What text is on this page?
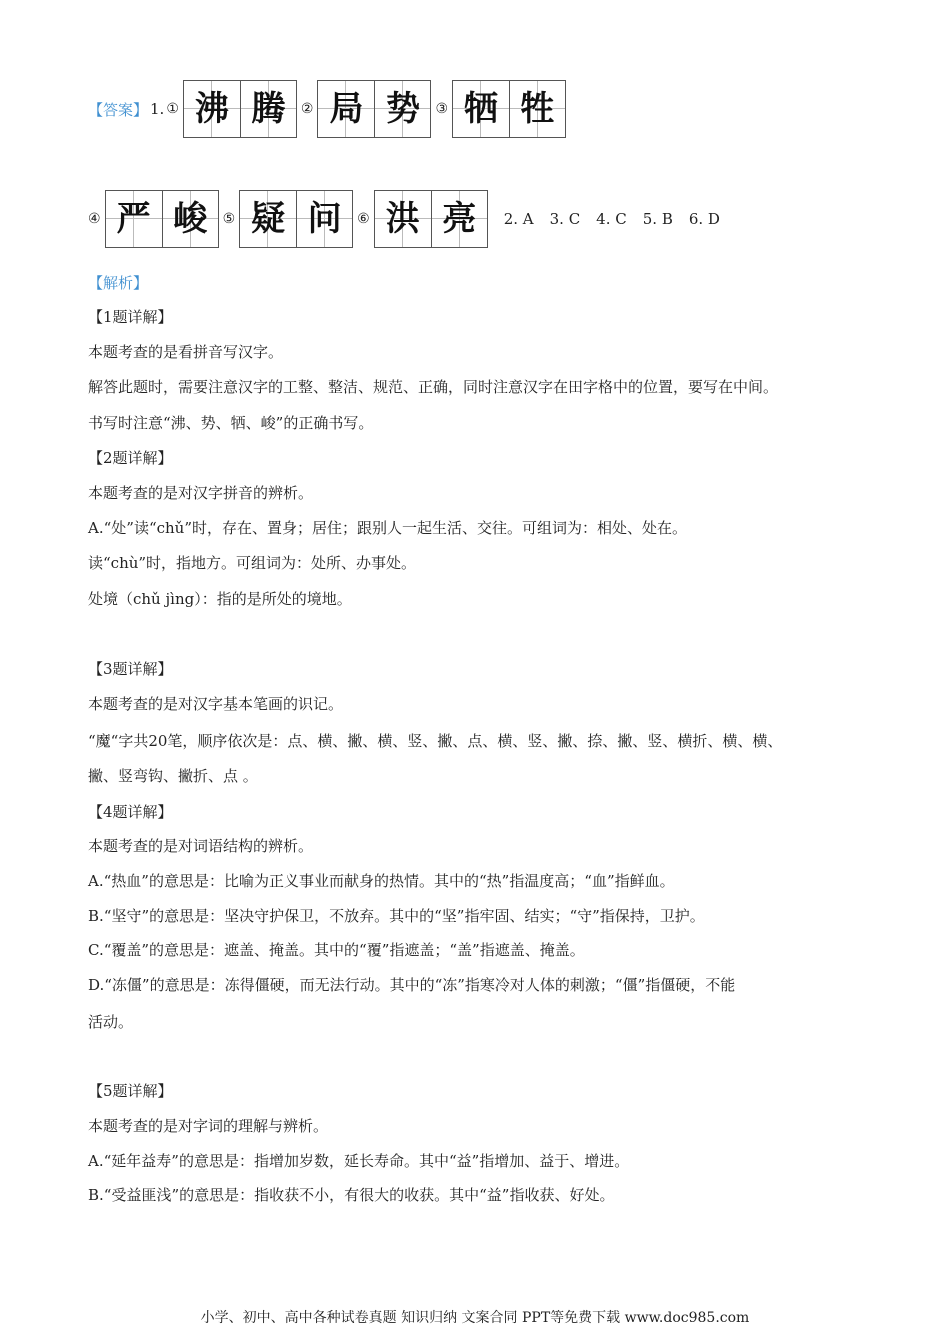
【答案】 1. ① 沸 腾	② 局 势	③ 牺 牲
④ 严 峻	⑤ 疑 问	⑥ 洪 亮	2. A 3. C 4. C 5. B 6. D
【解析】
【1题详解】
本题考查的是看拼音写汉字。
解答此题时，需要注意汉字的工整、整洁、规范、正确，同时注意汉字在田字格中的位置，要写在中间。
书写时注意“沸、势、牺、峻”的正确书写。
【2题详解】
本题考查的是对汉字拼音的辨析。
A.“处”读“chǔ”时，存在、置身；居住；跟别人一起生活、交往。可组词为：相处、处在。
读“chù”时，指地方。可组词为：处所、办事处。
处境（chǔ jìng）：指的是所处的境地。
【3题详解】
本题考查的是对汉字基本笔画的识记。
“魔“字共20笔，顺序依次是：点、横、撇、横、竖、撇、点、横、竖、撇、捺、撇、竖、横折、横、横、
撇、竖弯钩、撇折、点 。
【4题详解】
本题考查的是对词语结构的辨析。
A.“热血”的意思是：比喻为正义事业而献身的热情。其中的“热”指温度高；“血”指鲜血。
B.“坚守”的意思是：坚决守护保卫，不放弃。其中的“坚”指牢固、结实；“守”指保持，卫护。
C.“覆盖”的意思是：遮盖、掩盖。其中的“覆”指遮盖；“盖”指遮盖、掩盖。
D.“冻僵”的意思是：冻得僵硬，而无法行动。其中的“冻”指寒冷对人体的刺激；“僵”指僵硬，不能
活动。
【5题详解】
本题考查的是对字词的理解与辨析。
A.“延年益寿”的意思是：指增加岁数，延长寿命。其中“益”指增加、益于、增进。
B.“受益匪浅”的意思是：指收获不小，有很大的收获。其中“益”指收获、好处。
小学、初中、高中各种试卷真题 知识归纳 文案合同 PPT等免费下载 www.doc985.com
